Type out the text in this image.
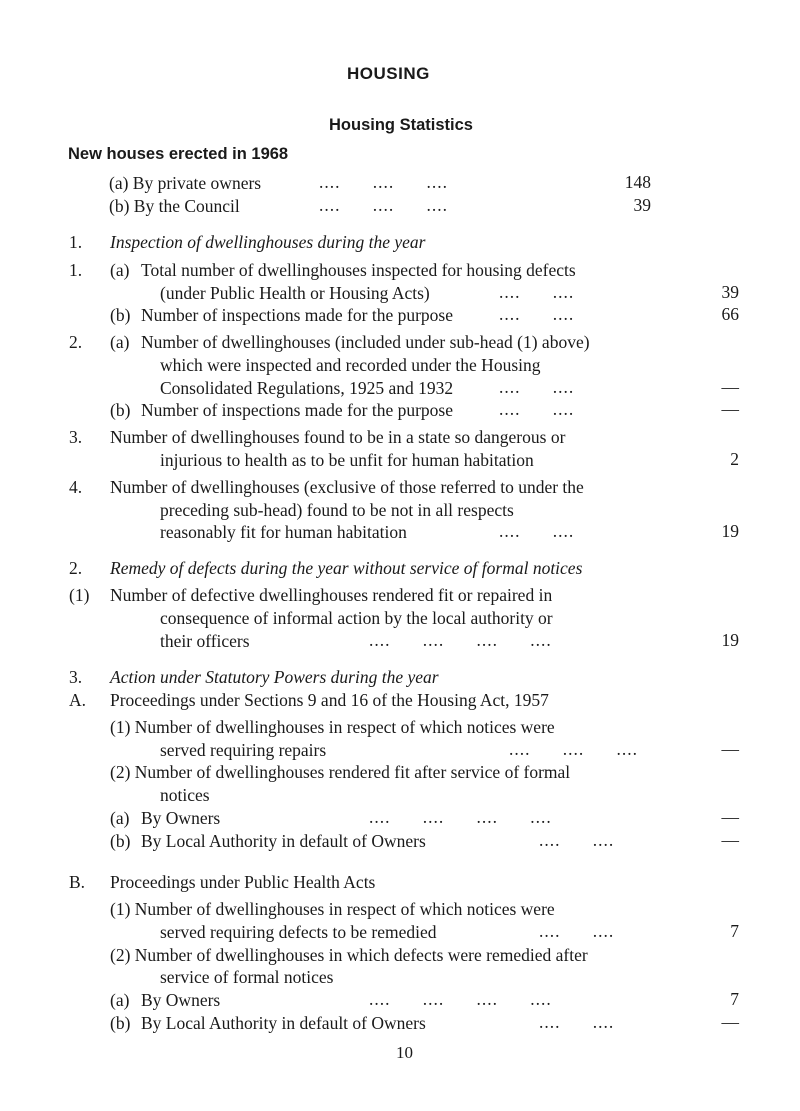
HOUSING
Housing Statistics
New houses erected in 1968
(a) By private owners	....      ....      ....	148
(b) By the Council	....      ....      ....	39
1. Inspection of dwellinghouses during the year
1. (a) Total number of dwellinghouses inspected for housing defects
(under Public Health or Housing Acts)	....      ....	39
(b) Number of inspections made for the purpose	....      ....	66
2. (a) Number of dwellinghouses (included under sub-head (1) above)
which were inspected and recorded under the Housing
Consolidated Regulations, 1925 and 1932	....      ....	—
(b) Number of inspections made for the purpose	....      ....	—
3. Number of dwellinghouses found to be in a state so dangerous or
injurious to health as to be unfit for human habitation	2
4. Number of dwellinghouses (exclusive of those referred to under the
preceding sub-head) found to be not in all respects
reasonably fit for human habitation	....      ....	19
2. Remedy of defects during the year without service of formal notices
(1) Number of defective dwellinghouses rendered fit or repaired in
consequence of informal action by the local authority or
their officers	....      ....      ....      ....	19
3. Action under Statutory Powers during the year
A. Proceedings under Sections 9 and 16 of the Housing Act, 1957
(1) Number of dwellinghouses in respect of which notices were
served requiring repairs	....      ....      ....	—
(2) Number of dwellinghouses rendered fit after service of formal
notices
(a) By Owners	....      ....      ....      ....	—
(b) By Local Authority in default of Owners	....      ....	—
B. Proceedings under Public Health Acts
(1) Number of dwellinghouses in respect of which notices were
served requiring defects to be remedied	....      ....	7
(2) Number of dwellinghouses in which defects were remedied after
service of formal notices
(a) By Owners	....      ....      ....      ....	7
(b) By Local Authority in default of Owners	....      ....	—
10
